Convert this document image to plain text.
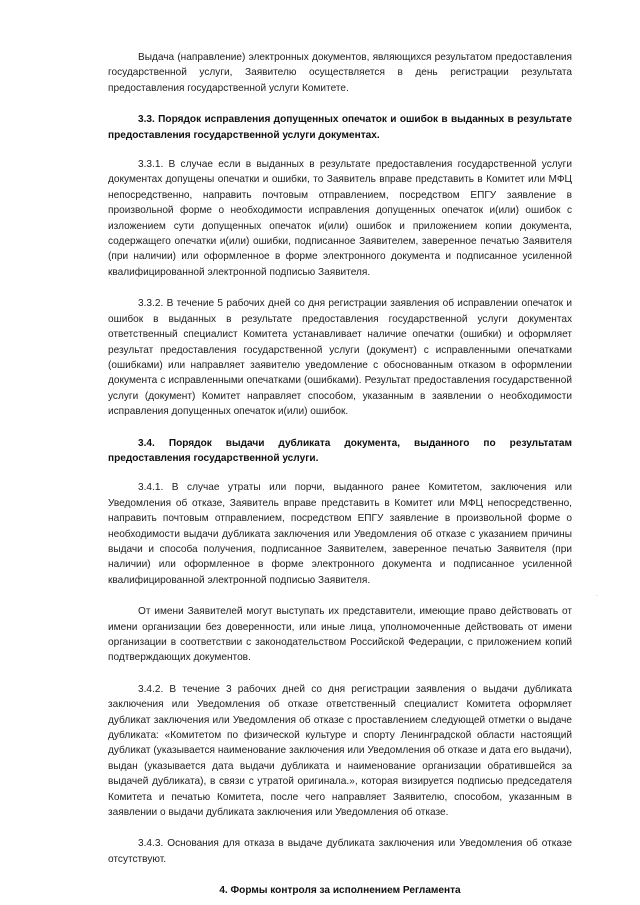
Выдача (направление) электронных документов, являющихся результатом предоставления государственной услуги, Заявителю осуществляется в день регистрации результата предоставления государственной услуги Комитете.

3.3. Порядок исправления допущенных опечаток и ошибок в выданных в результате предоставления государственной услуги документах.

3.3.1. В случае если в выданных в результате предоставления государственной услуги документах допущены опечатки и ошибки, то Заявитель вправе представить в Комитет или МФЦ непосредственно, направить почтовым отправлением, посредством ЕПГУ заявление в произвольной форме о необходимости исправления допущенных опечаток и(или) ошибок с изложением сути допущенных опечаток и(или) ошибок и приложением копии документа, содержащего опечатки и(или) ошибки, подписанное Заявителем, заверенное печатью Заявителя (при наличии) или оформленное в форме электронного документа и подписанное усиленной квалифицированной электронной подписью Заявителя.

3.3.2. В течение 5 рабочих дней со дня регистрации заявления об исправлении опечаток и ошибок в выданных в результате предоставления государственной услуги документах ответственный специалист Комитета устанавливает наличие опечатки (ошибки) и оформляет результат предоставления государственной услуги (документ) с исправленными опечатками (ошибками) или направляет заявителю уведомление с обоснованным отказом в оформлении документа с исправленными опечатками (ошибками). Результат предоставления государственной услуги (документ) Комитет направляет способом, указанным в заявлении о необходимости исправления допущенных опечаток и(или) ошибок.

3.4. Порядок выдачи дубликата документа, выданного по результатам предоставления государственной услуги.

3.4.1. В случае утраты или порчи, выданного ранее Комитетом, заключения или Уведомления об отказе, Заявитель вправе представить в Комитет или МФЦ непосредственно, направить почтовым отправлением, посредством ЕПГУ заявление в произвольной форме о необходимости выдачи дубликата заключения или Уведомления об отказе с указанием причины выдачи и способа получения, подписанное Заявителем, заверенное печатью Заявителя (при наличии) или оформленное в форме электронного документа и подписанное усиленной квалифицированной электронной подписью Заявителя.

От имени Заявителей могут выступать их представители, имеющие право действовать от имени организации без доверенности, или иные лица, уполномоченные действовать от имени организации в соответствии с законодательством Российской Федерации, с приложением копий подтверждающих документов.

3.4.2. В течение 3 рабочих дней со дня регистрации заявления о выдачи дубликата заключения или Уведомления об отказе ответственный специалист Комитета оформляет дубликат заключения или Уведомления об отказе с проставлением следующей отметки о выдаче дубликата: «Комитетом по физической культуре и спорту Ленинградской области настоящий дубликат (указывается наименование заключения или Уведомления об отказе и дата его выдачи), выдан (указывается дата выдачи дубликата и наименование организации обратившейся за выдачей дубликата), в связи с утратой оригинала.», которая визируется подписью председателя Комитета и печатью Комитета, после чего направляет Заявителю, способом, указанным в заявлении о выдачи дубликата заключения или Уведомления об отказе.

3.4.3. Основания для отказа в выдаче дубликата заключения или Уведомления об отказе отсутствуют.

4. Формы контроля за исполнением Регламента

.
